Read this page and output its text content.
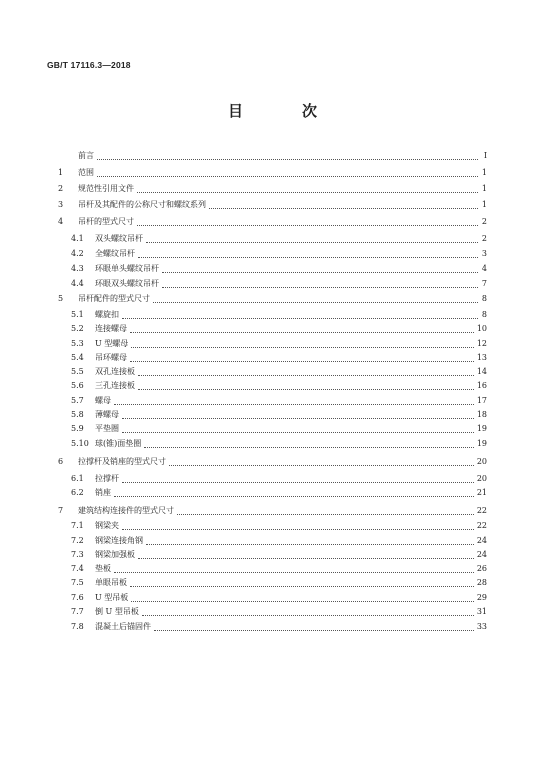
GB/T 17116.3—2018
目　次
前言	Ⅰ
1	范围	1
2	规范性引用文件	1
3	吊杆及其配件的公称尺寸和螺纹系列	1
4	吊杆的型式尺寸	2
4.1	双头螺纹吊杆	2
4.2	全螺纹吊杆	3
4.3	环眼单头螺纹吊杆	4
4.4	环眼双头螺纹吊杆	7
5	吊杆配件的型式尺寸	8
5.1	螺旋扣	8
5.2	连接螺母	10
5.3	U 型螺母	12
5.4	吊环螺母	13
5.5	双孔连接板	14
5.6	三孔连接板	16
5.7	螺母	17
5.8	薄螺母	18
5.9	平垫圈	19
5.10 球(锥)面垫圈	19
6	拉撑杆及销座的型式尺寸	20
6.1	拉撑杆	20
6.2	销座	21
7	建筑结构连接件的型式尺寸	22
7.1	钢梁夹	22
7.2	钢梁连接角钢	24
7.3	钢梁加强板	24
7.4	垫板	26
7.5	单眼吊板	28
7.6	U 型吊板	29
7.7	倒 U 型吊板	31
7.8	混凝土后锚固件	33
